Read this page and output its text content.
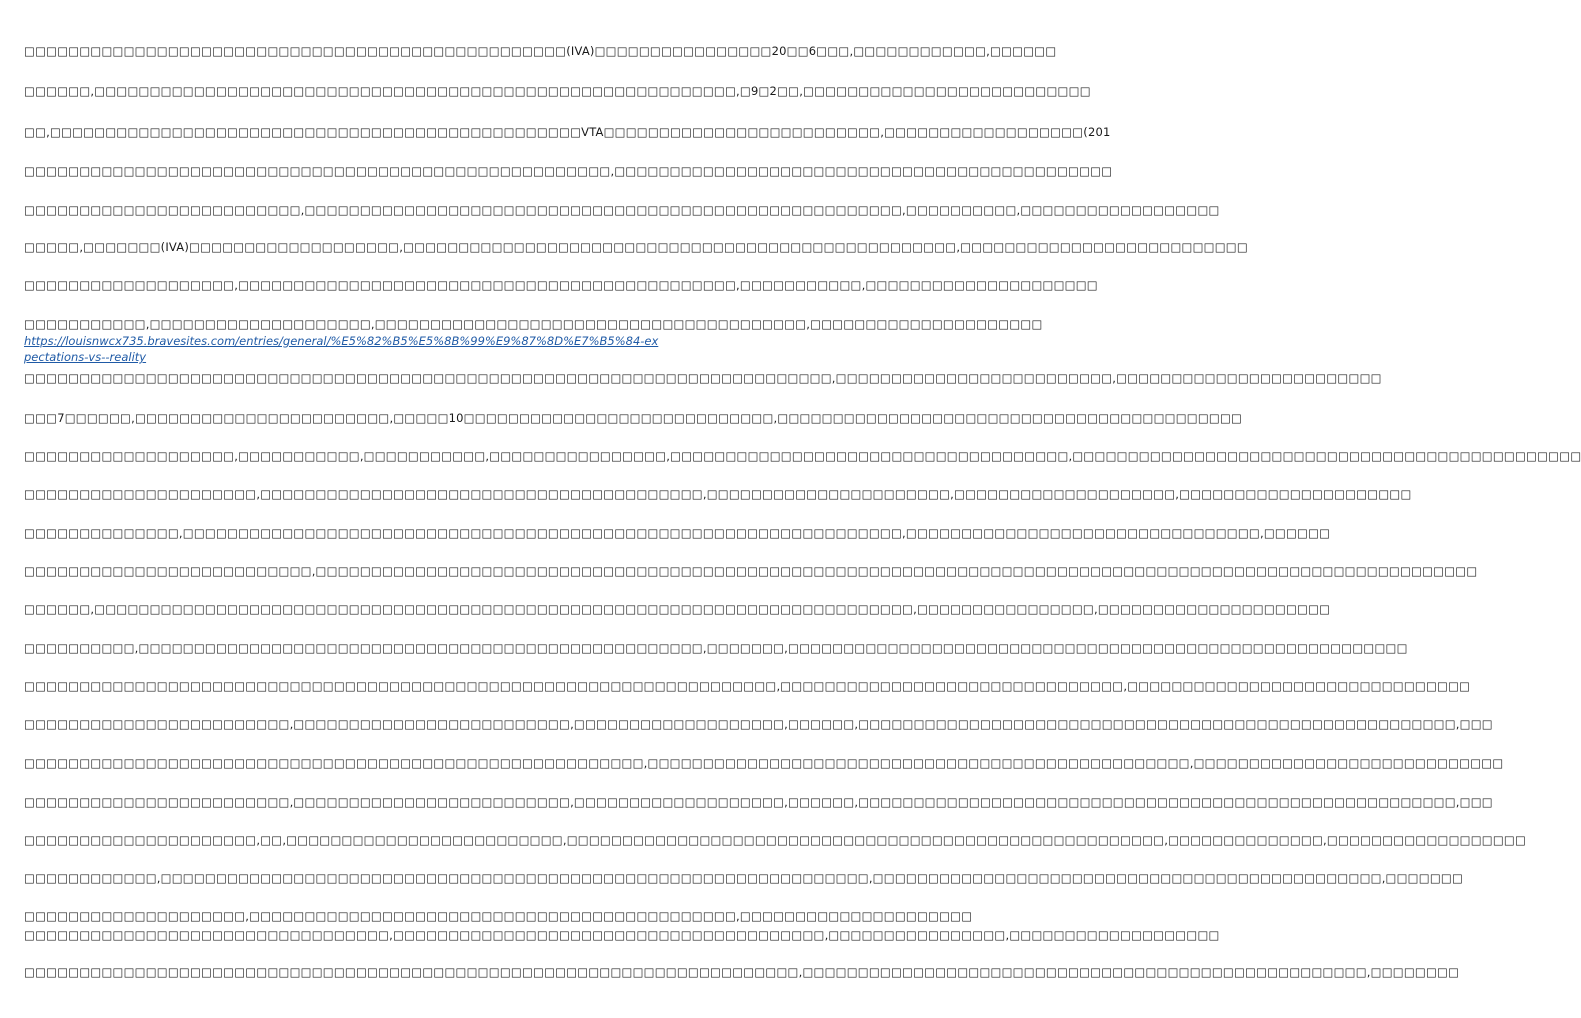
□□□□□□□□□□□□□□□□□□□□□□□□□□□□□□□□□□□□□□□□□□□□□□□□□(IVA)□□□□□□□□□□□□□□□□20□□6□□□,□□□□□□□□□□□□,□□□□□□
□□□□□□,□□□□□□□□□□□□□□□□□□□□□□□□□□□□□□□□□□□□□□□□□□□□□□□□□□□□□□□□□□,□9□2□□,□□□□□□□□□□□□□□□□□□□□□□□□□□
□□,□□□□□□□□□□□□□□□□□□□□□□□□□□□□□□□□□□□□□□□□□□□□□□□□VTA□□□□□□□□□□□□□□□□□□□□□□□□□,□□□□□□□□□□□□□□□□□□(201
□□□□□□□□□□□□□□□□□□□□□□□□□□□□□□□□□□□□□□□□□□□□□□□□□□□□□,□□□□□□□□□□□□□□□□□□□□□□□□□□□□□□□□□□□□□□□□□□□□□
□□□□□□□□□□□□□□□□□□□□□□□□□,□□□□□□□□□□□□□□□□□□□□□□□□□□□□□□□□□□□□□□□□□□□□□□□□□□□□□□,□□□□□□□□□□,□□□□□□□□□□□□□□□□□□
□□□□□,□□□□□□□(IVA)□□□□□□□□□□□□□□□□□□□,□□□□□□□□□□□□□□□□□□□□□□□□□□□□□□□□□□□□□□□□□□□□□□□□□□,□□□□□□□□□□□□□□□□□□□□□□□□□□
□□□□□□□□□□□□□□□□□□□,□□□□□□□□□□□□□□□□□□□□□□□□□□□□□□□□□□□□□□□□□□□□□,□□□□□□□□□□□,□□□□□□□□□□□□□□□□□□□□□
□□□□□□□□□□□,□□□□□□□□□□□□□□□□□□□□,□□□□□□□□□□□□□□□□□□□□□□□□□□□□□□□□□□□□□□□,□□□□□□□□□□□□□□□□□□□□□
https://louisnwcx735.bravesites.com/entries/general/%E5%82%B5%E5%8B%99%E9%87%8D%E7%B5%84-expectations-vs--reality
□□□□□□□□□□□□□□□□□□□□□□□□□□□□□□□□□□□□□□□□□□□□□□□□□□□□□□□□□□□□□□□□□□□□□□□□□,□□□□□□□□□□□□□□□□□□□□□□□□□,□□□□□□□□□□□□□□□□□□□□□□□□
□□□7□□□□□□,□□□□□□□□□□□□□□□□□□□□□□□,□□□□□10□□□□□□□□□□□□□□□□□□□□□□□□□□□□,□□□□□□□□□□□□□□□□□□□□□□□□□□□□□□□□□□□□□□□□□□
□□□□□□□□□□□□□□□□□□□,□□□□□□□□□□□,□□□□□□□□□□□,□□□□□□□□□□□□□□□□,□□□□□□□□□□□□□□□□□□□□□□□□□□□□□□□□□□□□,□□□□□□□□□□□□□□□□□□□□□□□□□□□□□□□□□□□□□□□□□□□□□□
□□□□□□□□□□□□□□□□□□□□□,□□□□□□□□□□□□□□□□□□□□□□□□□□□□□□□□□□□□□□□□,□□□□□□□□□□□□□□□□□□□□□□,□□□□□□□□□□□□□□□□□□□□,□□□□□□□□□□□□□□□□□□□□□
□□□□□□□□□□□□□□,□□□□□□□□□□□□□□□□□□□□□□□□□□□□□□□□□□□□□□□□□□□□□□□□□□□□□□□□□□□□□□□□□,□□□□□□□□□□□□□□□□□□□□□□□□□□□□□□□□,□□□□□□
□□□□□□□□□□□□□□□□□□□□□□□□□□,□□□□□□□□□□□□□□□□□□□□□□□□□□□□□□□□□□□□□□□□□□□□□□□□□□□□□□□□□□□□□□□□□□□□□□□□□□□□□□□□□□□□□□□□□□□□□□□□□□□□□□□□□
□□□□□□,□□□□□□□□□□□□□□□□□□□□□□□□□□□□□□□□□□□□□□□□□□□□□□□□□□□□□□□□□□□□□□□□□□□□□□□□□□,□□□□□□□□□□□□□□□□,□□□□□□□□□□□□□□□□□□□□□
□□□□□□□□□□,□□□□□□□□□□□□□□□□□□□□□□□□□□□□□□□□□□□□□□□□□□□□□□□□□□□,□□□□□□□,□□□□□□□□□□□□□□□□□□□□□□□□□□□□□□□□□□□□□□□□□□□□□□□□□□□□□□□□
□□□□□□□□□□□□□□□□□□□□□□□□□□□□□□□□□□□□□□□□□□□□□□□□□□□□□□□□□□□□□□□□□□□□,□□□□□□□□□□□□□□□□□□□□□□□□□□□□□□□,□□□□□□□□□□□□□□□□□□□□□□□□□□□□□□□
□□□□□□□□□□□□□□□□□□□□□□□□,□□□□□□□□□□□□□□□□□□□□□□□□□,□□□□□□□□□□□□□□□□□□□,□□□□□□,□□□□□□□□□□□□□□□□□□□□□□□□□□□□□□□□□□□□□□□□□□□□□□□□□□□□□□,□□□
□□□□□□□□□□□□□□□□□□□□□□□□□□□□□□□□□□□□□□□□□□□□□□□□□□□□□□□□,□□□□□□□□□□□□□□□□□□□□□□□□□□□□□□□□□□□□□□□□□□□□□□□□□,□□□□□□□□□□□□□□□□□□□□□□□□□□□□
□□□□□□□□□□□□□□□□□□□□□□□□,□□□□□□□□□□□□□□□□□□□□□□□□□,□□□□□□□□□□□□□□□□□□□,□□□□□□,□□□□□□□□□□□□□□□□□□□□□□□□□□□□□□□□□□□□□□□□□□□□□□□□□□□□□□,□□□
□□□□□□□□□□□□□□□□□□□□□,□□,□□□□□□□□□□□□□□□□□□□□□□□□□,□□□□□□□□□□□□□□□□□□□□□□□□□□□□□□□□□□□□□□□□□□□□□□□□□□□□□□,□□□□□□□□□□□□□□,□□□□□□□□□□□□□□□□□□
□□□□□□□□□□□□,□□□□□□□□□□□□□□□□□□□□□□□□□□□□□□□□□□□□□□□□□□□□□□□□□□□□□□□□□□□□□□□□,□□□□□□□□□□□□□□□□□□□□□□□□□□□□□□□□□□□□□□□□□□□□□□,□□□□□□□
□□□□□□□□□□□□□□□□□□□□,□□□□□□□□□□□□□□□□□□□□□□□□□□□□□□□□□□□□□□□□□□□□,□□□□□□□□□□□□□□□□□□□□□
□□□□□□□□□□□□□□□□□□□□□□□□□□□□□□□□□,□□□□□□□□□□□□□□□□□□□□□□□□□□□□□□□□□□□□□□□,□□□□□□□□□□□□□□□□,□□□□□□□□□□□□□□□□□□□
□□□□□□□□□□□□□□□□□□□□□□□□□□□□□□□□□□□□□□□□□□□□□□□□□□□□□□□□□□□□□□□□□□□□□□,□□□□□□□□□□□□□□□□□□□□□□□□□□□□□□□□□□□□□□□□□□□□□□□□□□□,□□□□□□□□
